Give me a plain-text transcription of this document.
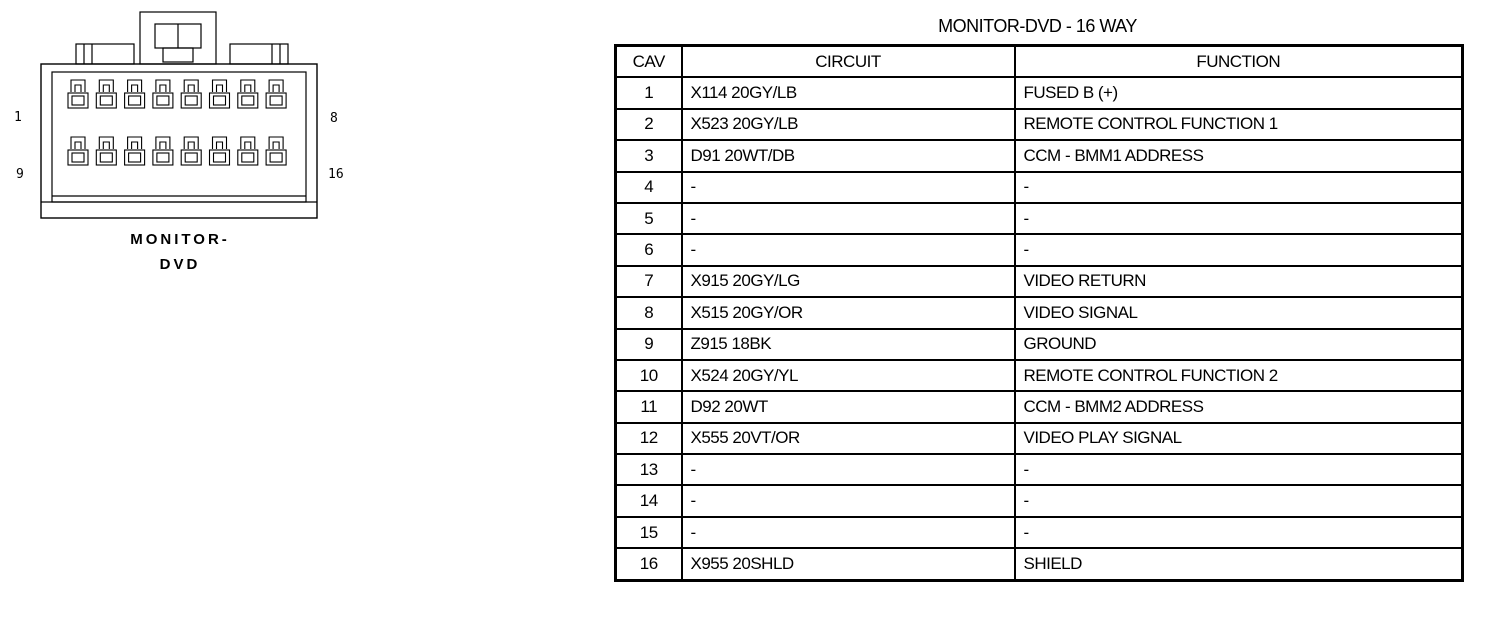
1	8
9	16
MONITOR-
DVD
MONITOR-DVD - 16 WAY
CAV	CIRCUIT	FUNCTION
1	X114 20GY/LB	FUSED B (+)
2	X523 20GY/LB	REMOTE CONTROL FUNCTION 1
3	D91 20WT/DB	CCM - BMM1 ADDRESS
4	-	-
5	-	-
6	-	-
7	X915 20GY/LG	VIDEO RETURN
8	X515 20GY/OR	VIDEO SIGNAL
9	Z915 18BK	GROUND
10	X524 20GY/YL	REMOTE CONTROL FUNCTION 2
11	D92 20WT	CCM - BMM2 ADDRESS
12	X555 20VT/OR	VIDEO PLAY SIGNAL
13	-	-
14	-	-
15	-	-
16	X955 20SHLD	SHIELD
